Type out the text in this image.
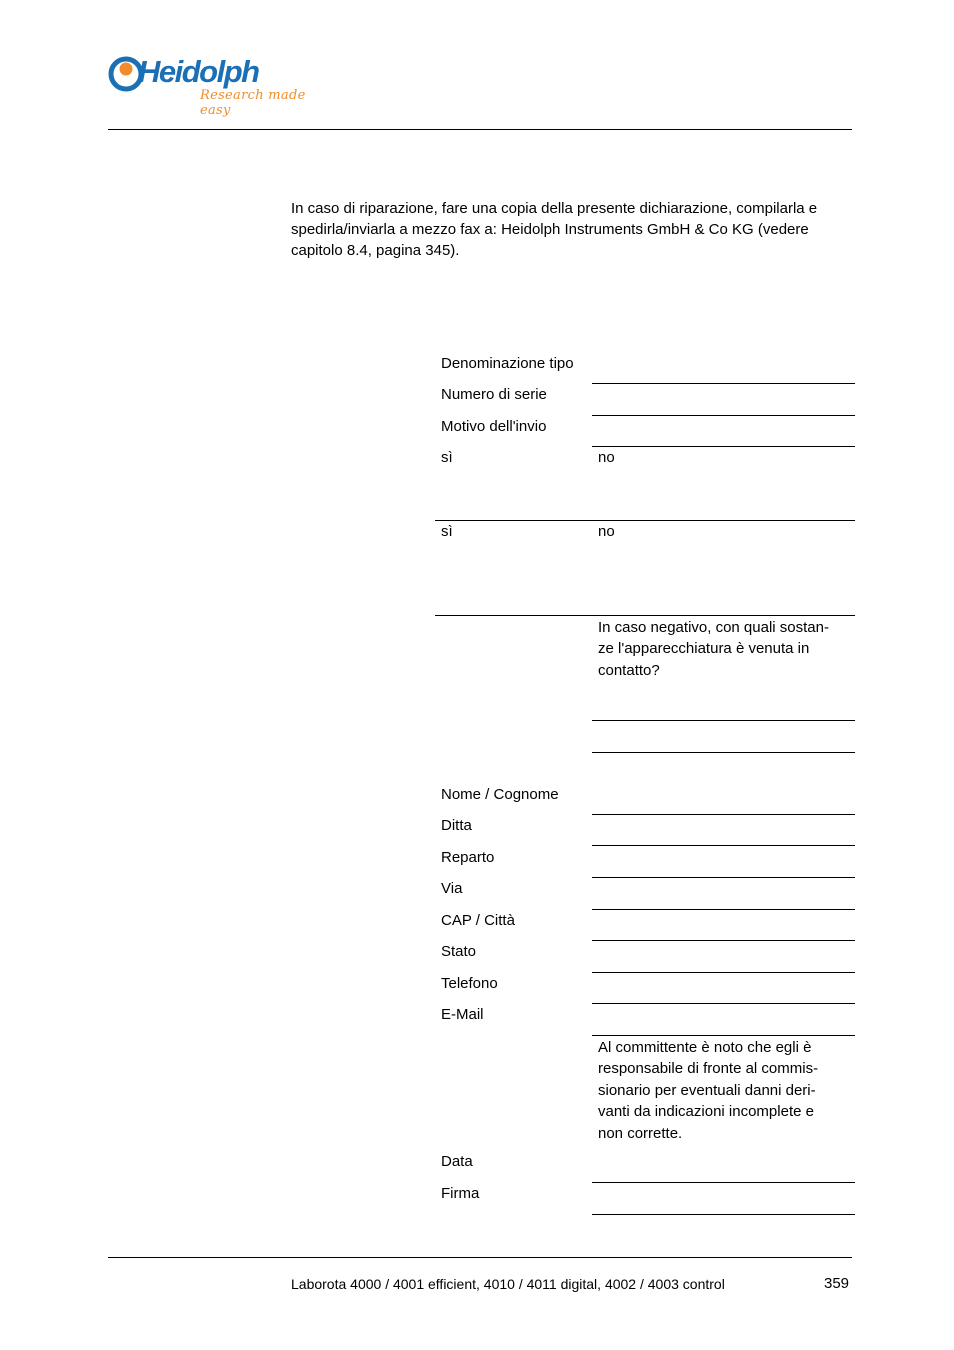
Heidolph
Research made easy

In caso di riparazione, fare una copia della presente dichiarazione, compilarla e spedirla/inviarla a mezzo fax a: Heidolph Instruments GmbH & Co KG (vedere capitolo 8.4, pagina 345).

Denominazione tipo
Numero di serie
Motivo dell'invio
sì	no
sì	no
In caso negativo, con quali sostan-
ze l'apparecchiatura è venuta in
contatto?
Nome / Cognome
Ditta
Reparto
Via
CAP / Città
Stato
Telefono
E-Mail
Al committente è noto che egli è
responsabile di fronte al commis-
sionario per eventuali danni deri-
vanti da indicazioni incomplete e
non corrette.
Data
Firma
Laborota 4000 / 4001 efficient, 4010 / 4011 digital, 4002 / 4003 control	359
